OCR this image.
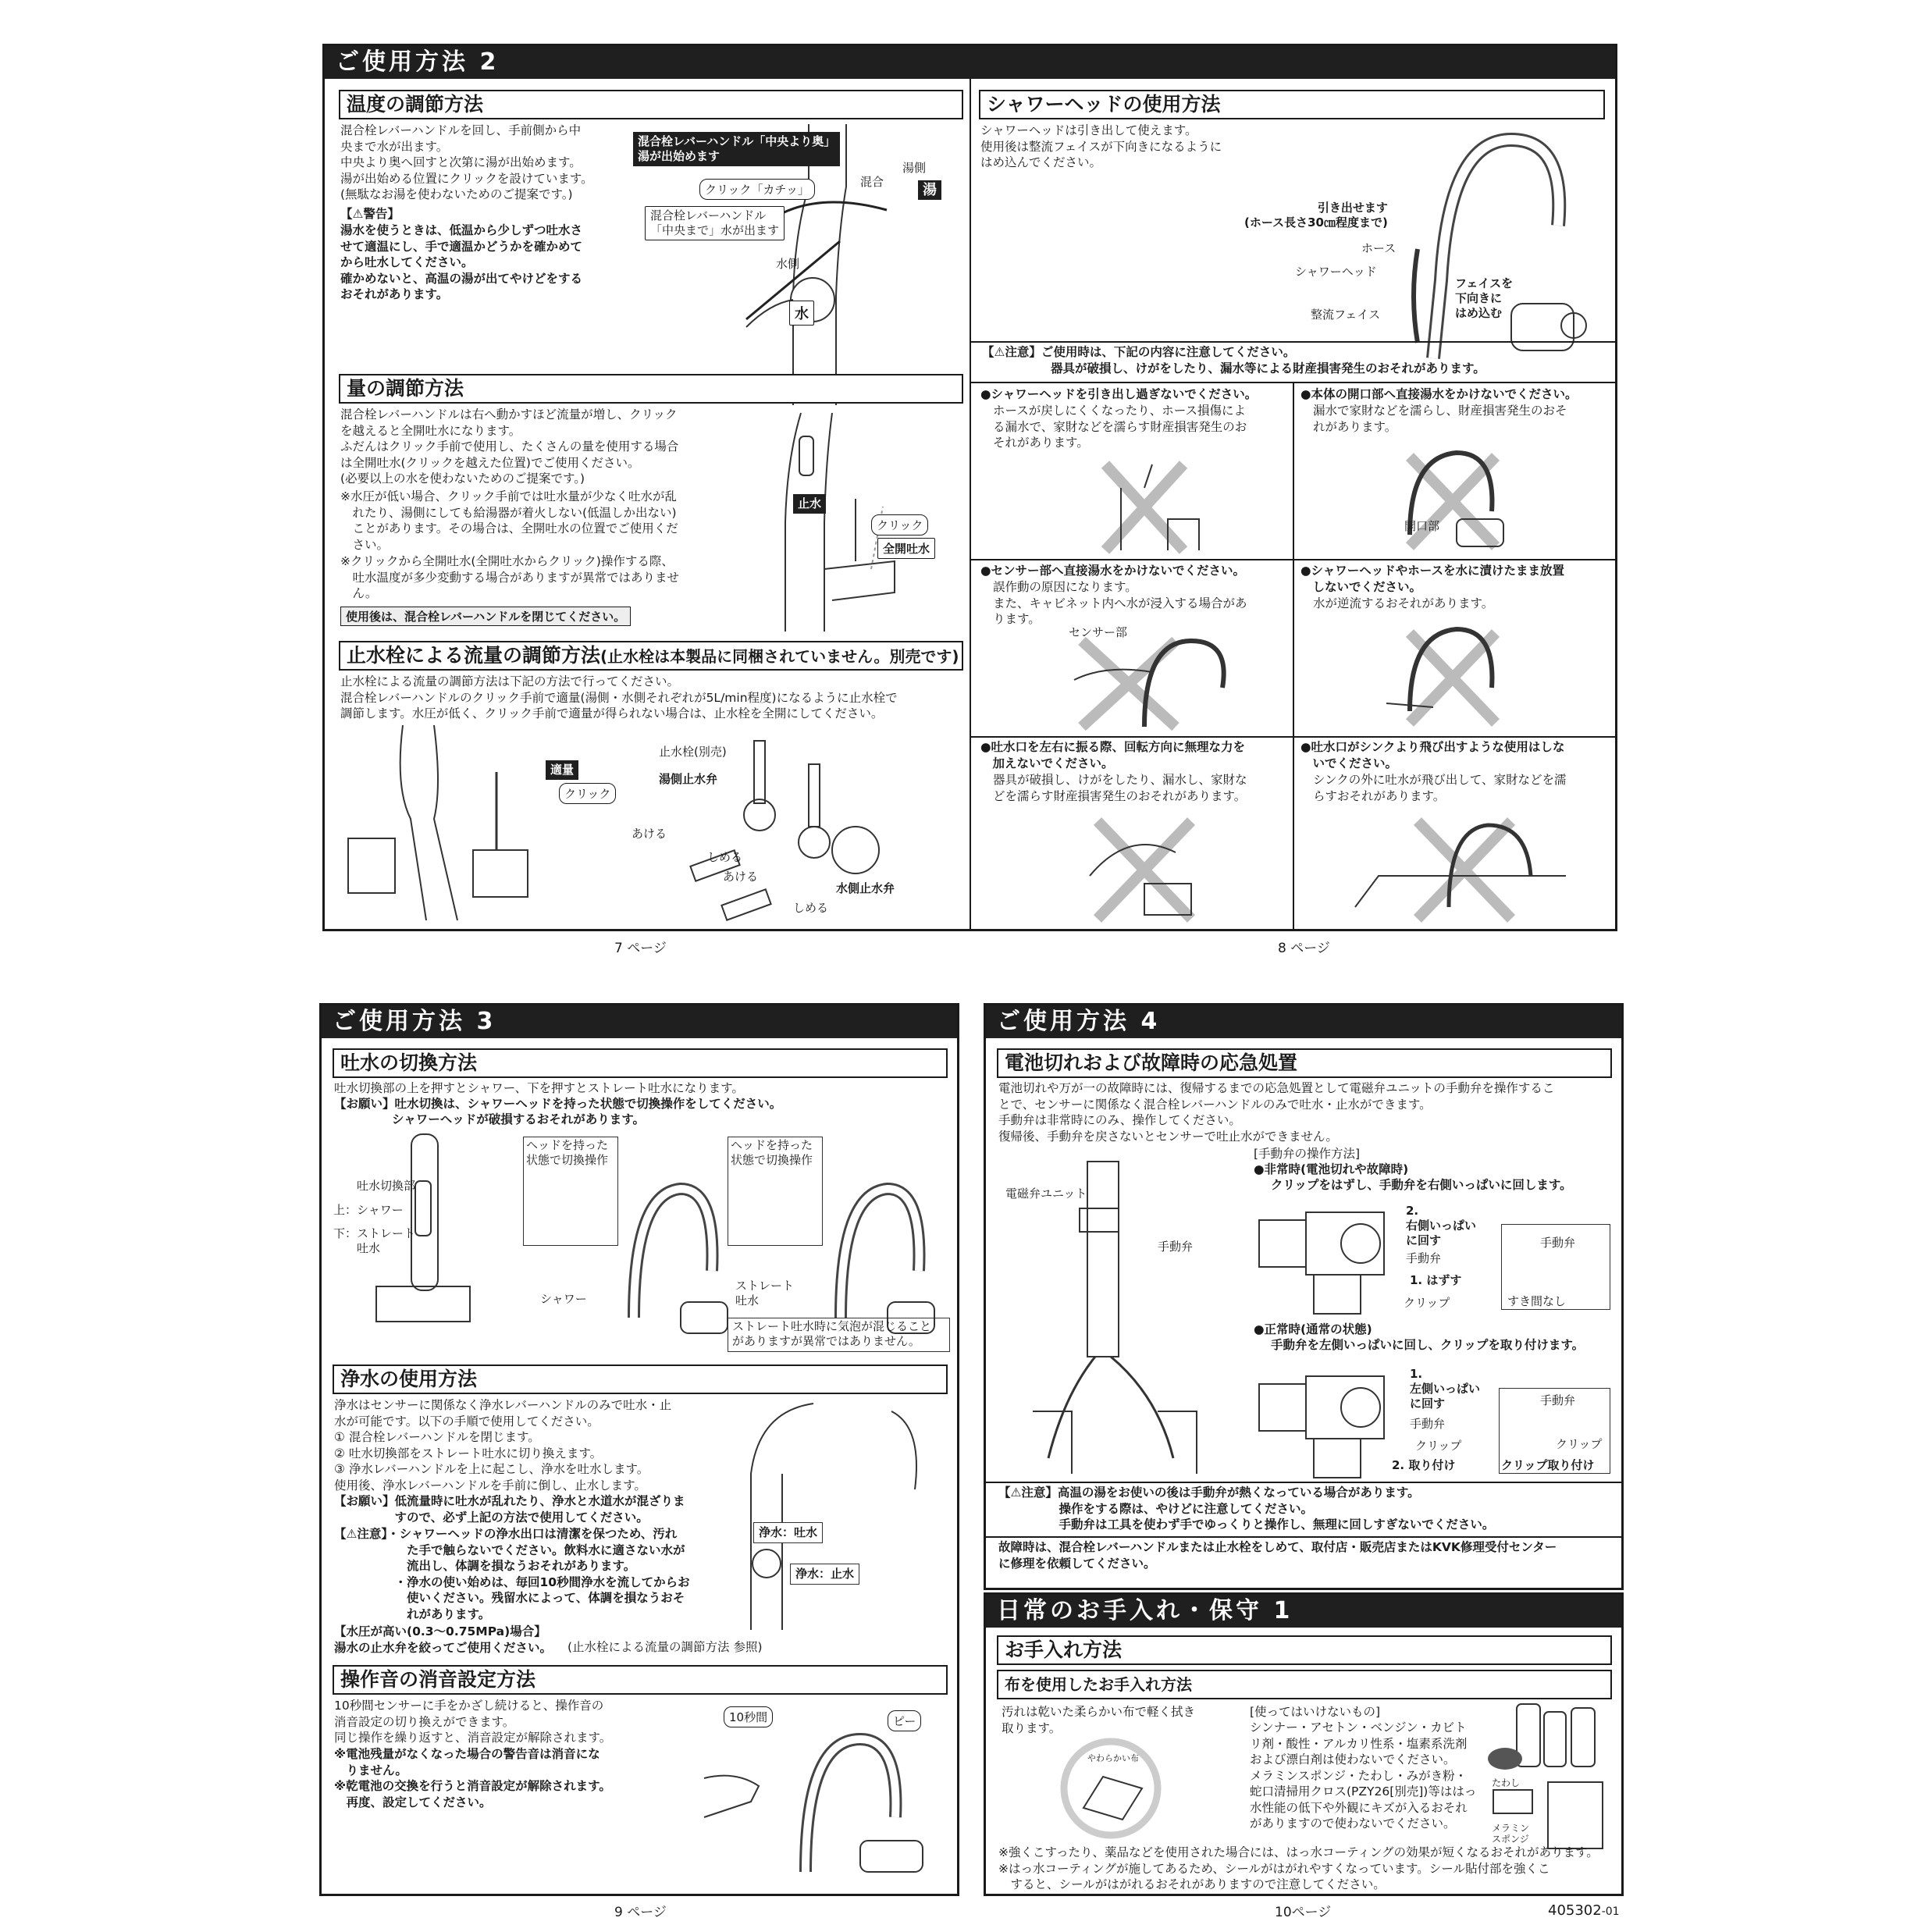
ご使用方法 2
温度の調節方法
混合栓レバーハンドルを回し、手前側から中
央まで水が出ます。
中央より奥へ回すと次第に湯が出始めます。
湯が出始める位置にクリックを設けています。
(無駄なお湯を使わないためのご提案です。)
【⚠警告】
湯水を使うときは、低温から少しずつ吐水さ
せて適温にし、手で適温かどうかを確かめて
から吐水してください。
確かめないと、高温の湯が出てやけどをする
おそれがあります。
混合栓レバーハンドル「中央より奥」
湯が出始めます
クリック「カチッ」
混合栓レバーハンドル
「中央まで」水が出ます
湯側
混合	湯
水側
水
量の調節方法
混合栓レバーハンドルは右へ動かすほど流量が増し、クリック
を越えると全開吐水になります。
ふだんはクリック手前で使用し、たくさんの量を使用する場合
は全開吐水(クリックを越えた位置)でご使用ください。
(必要以上の水を使わないためのご提案です。)
※水圧が低い場合、クリック手前では吐水量が少なく吐水が乱
　れたり、湯側にしても給湯器が着火しない(低温しか出ない)
　ことがあります。その場合は、全開吐水の位置でご使用くだ
　さい。
※クリックから全開吐水(全開吐水からクリック)操作する際、
　吐水温度が多少変動する場合がありますが異常ではありませ
　ん。
使用後は、混合栓レバーハンドルを閉じてください。
止水
クリック
全開吐水
止水栓による流量の調節方法(止水栓は本製品に同梱されていません。別売です)
止水栓による流量の調節方法は下記の方法で行ってください。
混合栓レバーハンドルのクリック手前で適量(湯側・水側それぞれが5L/min程度)になるように止水栓で
調節します。水圧が低く、クリック手前で適量が得られない場合は、止水栓を全開にしてください。
適量
クリック
止水栓(別売)
湯側止水弁
あける
しめる
あける
しめる
水側止水弁
シャワーヘッドの使用方法
シャワーヘッドは引き出して使えます。
使用後は整流フェイスが下向きになるように
はめ込んでください。
引き出せます
(ホース長さ30㎝程度まで)
ホース
シャワーヘッド
整流フェイス
フェイスを
下向きに
はめ込む
【⚠注意】ご使用時は、下記の内容に注意してください。
器具が破損し、けがをしたり、漏水等による財産損害発生のおそれがあります。
●シャワーヘッドを引き出し過ぎないでください。
ホースが戻しにくくなったり、ホース損傷によ
る漏水で、家財などを濡らす財産損害発生のお
それがあります。
●本体の開口部へ直接湯水をかけないでください。
漏水で家財などを濡らし、財産損害発生のおそ
れがあります。
開口部
●センサー部へ直接湯水をかけないでください。
誤作動の原因になります。
また、キャビネット内へ水が浸入する場合があ
ります。
センサー部
●シャワーヘッドやホースを水に漬けたまま放置
　しないでください。
水が逆流するおそれがあります。
●吐水口を左右に振る際、回転方向に無理な力を
　加えないでください。
器具が破損し、けがをしたり、漏水し、家財な
どを濡らす財産損害発生のおそれがあります。
●吐水口がシンクより飛び出すような使用はしな
　いでください。
シンクの外に吐水が飛び出して、家財などを濡
らすおそれがあります。
7 ページ	8 ページ
ご使用方法 3
吐水の切換方法
吐水切換部の上を押すとシャワー、下を押すとストレート吐水になります。
【お願い】吐水切換は、シャワーヘッドを持った状態で切換操作をしてください。
シャワーヘッドが破損するおそれがあります。
吐水切換部
上：シャワー
下：ストレート
　　吐水
ヘッドを持った
状態で切換操作
ヘッドを持った
状態で切換操作
シャワー
ストレート
吐水
ストレート吐水時に気泡が混じること
がありますが異常ではありません。
浄水の使用方法
浄水はセンサーに関係なく浄水レバーハンドルのみで吐水・止
水が可能です。以下の手順で使用してください。
① 混合栓レバーハンドルを閉じます。
② 吐水切換部をストレート吐水に切り換えます。
③ 浄水レバーハンドルを上に起こし、浄水を吐水します。
使用後、浄水レバーハンドルを手前に倒し、止水します。
【お願い】低流量時に吐水が乱れたり、浄水と水道水が混ざりま
　　　　　すので、必ず上記の方法で使用してください。
【⚠注意】・シャワーヘッドの浄水出口は清潔を保つため、汚れ
　　　　　　た手で触らないでください。飲料水に適さない水が
　　　　　　流出し、体調を損なうおそれがあります。
　　　　　・浄水の使い始めは、毎回10秒間浄水を流してからお
　　　　　　使いください。残留水によって、体調を損なうおそ
　　　　　　れがあります。
【水圧が高い(0.3～0.75MPa)場合】
湯水の止水弁を絞ってご使用ください。	(止水栓による流量の調節方法 参照)
浄水：吐水
浄水：止水
操作音の消音設定方法
10秒間センサーに手をかざし続けると、操作音の
消音設定の切り換えができます。
同じ操作を繰り返すと、消音設定が解除されます。
※電池残量がなくなった場合の警告音は消音にな
　りません。
※乾電池の交換を行うと消音設定が解除されます。
　再度、設定してください。
10秒間	ピー
9 ページ
ご使用方法 4
電池切れおよび故障時の応急処置
電池切れや万が一の故障時には、復帰するまでの応急処置として電磁弁ユニットの手動弁を操作するこ
とで、センサーに関係なく混合栓レバーハンドルのみで吐水・止水ができます。
手動弁は非常時にのみ、操作してください。
復帰後、手動弁を戻さないとセンサーで吐止水ができません。
電磁弁ユニット
手動弁
[手動弁の操作方法]
●非常時(電池切れや故障時)
クリップをはずし、手動弁を右側いっぱいに回します。
2.
右側いっぱい
に回す
手動弁
1. はずす
クリップ
手動弁
すき間なし
●正常時(通常の状態)
手動弁を左側いっぱいに回し、クリップを取り付けます。
1.
左側いっぱい
に回す
手動弁
クリップ
2. 取り付け
手動弁
クリップ
クリップ取り付け
【⚠注意】高温の湯をお使いの後は手動弁が熱くなっている場合があります。
　　　　　操作をする際は、やけどに注意してください。
　　　　　手動弁は工具を使わず手でゆっくりと操作し、無理に回しすぎないでください。
故障時は、混合栓レバーハンドルまたは止水栓をしめて、取付店・販売店またはKVK修理受付センター
に修理を依頼してください。
日常のお手入れ・保守 1
お手入れ方法
布を使用したお手入れ方法
汚れは乾いた柔らかい布で軽く拭き
取ります。
やわらかい布
[使ってはいけないもの]
シンナー・アセトン・ベンジン・カビト
リ剤・酸性・アルカリ性系・塩素系洗剤
および漂白剤は使わないでください。
メラミンスポンジ・たわし・みがき粉・
蛇口清掃用クロス(PZY26[別売])等ははっ
水性能の低下や外観にキズが入るおそれ
がありますので使わないでください。
たわし
メラミン
スポンジ
※強くこすったり、薬品などを使用された場合には、はっ水コーティングの効果が短くなるおそれがあります。
※はっ水コーティングが施してあるため、シールがはがれやすくなっています。シール貼付部を強くこ
　すると、シールがはがれるおそれがありますので注意してください。
10ページ	405302-01
